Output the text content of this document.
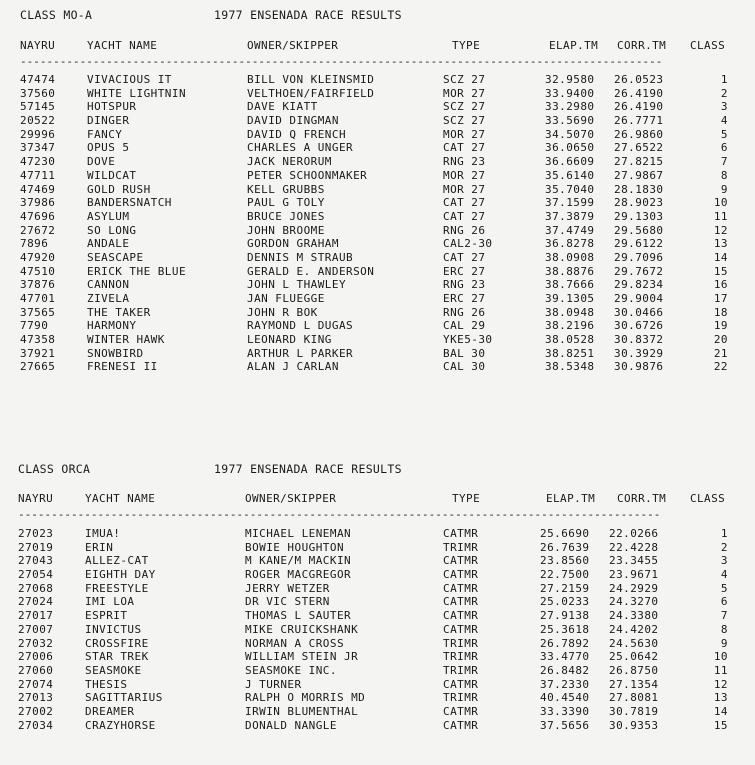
CLASS MO-A	1977 ENSENADA RACE RESULTS
NAYRU	YACHT NAME	OWNER/SKIPPER	TYPE	ELAP.TM CORR.TM CLASS
-------------------------------------------------------------------------------------------------
47474	VIVACIOUS IT	BILL VON KLEINSMID	SCZ 27	32.9580 26.0523	1
37560	WHITE LIGHTNIN	VELTHOEN/FAIRFIELD	MOR 27	33.9400 26.4190	2
57145	HOTSPUR	DAVE KIATT	SCZ 27	33.2980 26.4190	3
20522	DINGER	DAVID DINGMAN	SCZ 27	33.5690 26.7771	4
29996	FANCY	DAVID Q FRENCH	MOR 27	34.5070 26.9860	5
37347	OPUS 5	CHARLES A UNGER	CAT 27	36.0650 27.6522	6
47230	DOVE	JACK NERORUM	RNG 23	36.6609 27.8215	7
47711	WILDCAT	PETER SCHOONMAKER	MOR 27	35.6140 27.9867	8
47469	GOLD RUSH	KELL GRUBBS	MOR 27	35.7040 28.1830	9
37986	BANDERSNATCH	PAUL G TOLY	CAT 27	37.1599 28.9023	10
47696	ASYLUM	BRUCE JONES	CAT 27	37.3879 29.1303	11
27672	SO LONG	JOHN BROOME	RNG 26	37.4749 29.5680	12
7896	ANDALE	GORDON GRAHAM	CAL2-30	36.8278 29.6122	13
47920	SEASCAPE	DENNIS M STRAUB	CAT 27	38.0908 29.7096	14
47510	ERICK THE BLUE	GERALD E. ANDERSON	ERC 27	38.8876 29.7672	15
37876	CANNON	JOHN L THAWLEY	RNG 23	38.7666 29.8234	16
47701	ZIVELA	JAN FLUEGGE	ERC 27	39.1305 29.9004	17
37565	THE TAKER	JOHN R BOK	RNG 26	38.0948 30.0466	18
7790	HARMONY	RAYMOND L DUGAS	CAL 29	38.2196 30.6726	19
47358	WINTER HAWK	LEONARD KING	YKE5-30	38.0528 30.8372	20
37921	SNOWBIRD	ARTHUR L PARKER	BAL 30	38.8251 30.3929	21
27665	FRENESI II	ALAN J CARLAN	CAL 30	38.5348 30.9876	22
CLASS ORCA	1977 ENSENADA RACE RESULTS
NAYRU	YACHT NAME	OWNER/SKIPPER	TYPE	ELAP.TM CORR.TM CLASS
-------------------------------------------------------------------------------------------------
27023	IMUA!	MICHAEL LENEMAN	CATMR	25.6690 22.0266	1
27019	ERIN	BOWIE HOUGHTON	TRIMR	26.7639 22.4228	2
27043	ALLEZ-CAT	M KANE/M MACKIN	CATMR	23.8560 23.3455	3
27054	EIGHTH DAY	ROGER MACGREGOR	CATMR	22.7500 23.9671	4
27068	FREESTYLE	JERRY WETZER	CATMR	27.2159 24.2929	5
27024	IMI LOA	DR VIC STERN	CATMR	25.0233 24.3270	6
27017	ESPRIT	THOMAS L SAUTER	CATMR	27.9138 24.3380	7
27007	INVICTUS	MIKE CRUICKSHANK	CATMR	25.3618 24.4202	8
27032	CROSSFIRE	NORMAN A CROSS	TRIMR	26.7892 24.5630	9
27006	STAR TREK	WILLIAM STEIN JR	TRIMR	33.4770 25.0642	10
27060	SEASMOKE	SEASMOKE INC.	TRIMR	26.8482 26.8750	11
27074	THESIS	J TURNER	CATMR	37.2330 27.1354	12
27013	SAGITTARIUS	RALPH O MORRIS MD	TRIMR	40.4540 27.8081	13
27002	DREAMER	IRWIN BLUMENTHAL	CATMR	33.3390 30.7819	14
27034	CRAZYHORSE	DONALD NANGLE	CATMR	37.5656 30.9353	15
